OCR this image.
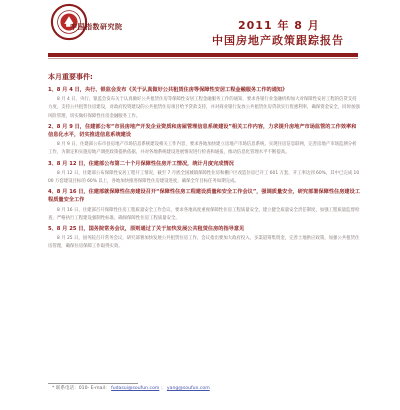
中国指数研究院	2011 年 8 月
中国房地产政策跟踪报告
本月重要事件:
1、8 月 4 日，央行、银监会发布《关于认真做好公共租赁住房等保障性安居工程金融服务工作的通知》
8 月 4 日，央行、银监会发布关于认真做好公共租赁住房等保障性安居工程金融服务工作的通知，要求各银行业金融机构加大对保障性安居工程的信贷支持力度，支持公共租赁住房建设，对政府投资建设的公共租赁住房项目给予贷款支持，并对商业银行发放公共租赁住房贷款实行优惠利率，确保资金安全，同时加强风险管理，切实做好保障性住房金融服务工作。
2、8 月 9 日，住建部公布“市县房地产开发企业资质和房屋管理信息系统建设”相关工作内容，力求提升房地产市场监管的工作效率和信息化水平，切实推进信息系统建设
8 月 9 日，住建部公布市县房地产市场信息系统建设相关工作内容，要求各地加快建立房地产市场信息系统，实现住房信息联网，完善房地产市场监测分析工作，为制定和实施房地产调控政策提供依据，并对各地系统建设进展情况进行检查和通报，推动信息化管理水平不断提高。
3、8 月 12 日，住建部公布第二十个月保障性住房开工情况，统计月度完成情况
8 月 12 日，住建部公布保障性安居工程开工情况，截至 7 月底全国城镇保障性住房和棚户区改造住房已开工 601 万套，开工率达到 60%，其中已完成 1000 万套建设目标的 60% 以上，各地加快推进保障性住房建设进度，确保全年目标任务如期完成。
4、8 月 16 日，住建部就保障性住房建设召开“保障性住房工程建设质量和安全工作会议”，强调质量安全，研究部署保障性住房建设工程质量安全工作
8 月 16 日，住建部召开保障性住房工程质量安全工作会议，要求各地高度重视保障性住房工程质量安全，建立健全质量安全责任制度，加强工程质量监督检查，严格执行工程建设强制性标准，确保保障性住房工程质量安全。
5、8 月 25 日，国务院常务会议，原则通过了关于加快发展公共租赁住房的指导意见
8 月 25 日，国务院召开常务会议，研究部署加快发展公共租赁住房工作，会议指出要加大政府投入，多渠道筹集资金，完善土地供应政策，加强公共租赁住房管理，确保住房保障工作取得实效。
* 联系电话：010- E-mail： fudasui@soufun.com ； yang@soufun.com
